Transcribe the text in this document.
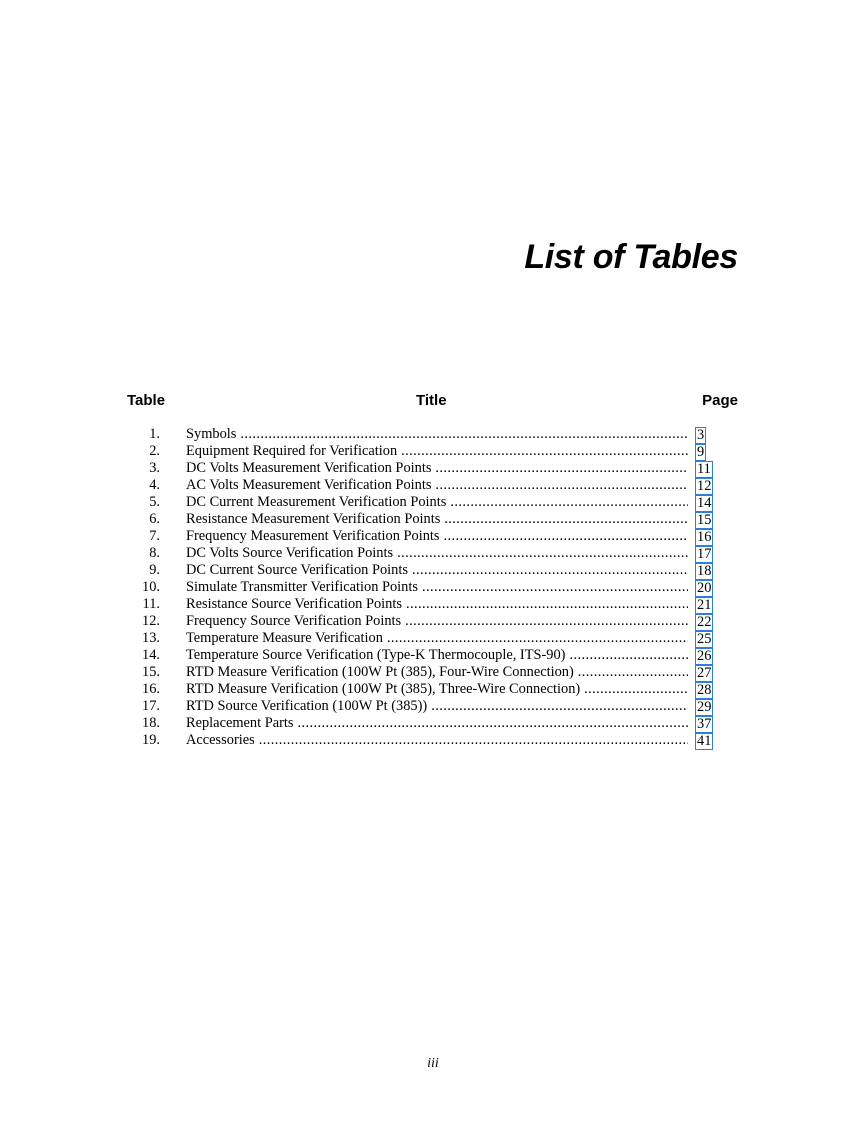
List of Tables
Table	Title	Page
1. Symbols .....	3
2. Equipment Required for Verification .....	9
3. DC Volts Measurement Verification Points .....	11
4. AC Volts Measurement Verification Points .....	12
5. DC Current Measurement Verification Points .....	14
6. Resistance Measurement Verification Points .....	15
7. Frequency Measurement Verification Points .....	16
8. DC Volts Source Verification Points .....	17
9. DC Current Source Verification Points .....	18
10. Simulate Transmitter Verification Points .....	20
11. Resistance Source Verification Points .....	21
12. Frequency Source Verification Points .....	22
13. Temperature Measure Verification .....	25
14. Temperature Source Verification (Type-K Thermocouple, ITS-90) .....	26
15. RTD Measure Verification (100W Pt (385), Four-Wire Connection) .....	27
16. RTD Measure Verification (100W Pt (385), Three-Wire Connection) .....	28
17. RTD Source Verification (100W Pt (385)) .....	29
18. Replacement Parts .....	37
19. Accessories .....	41
iii
